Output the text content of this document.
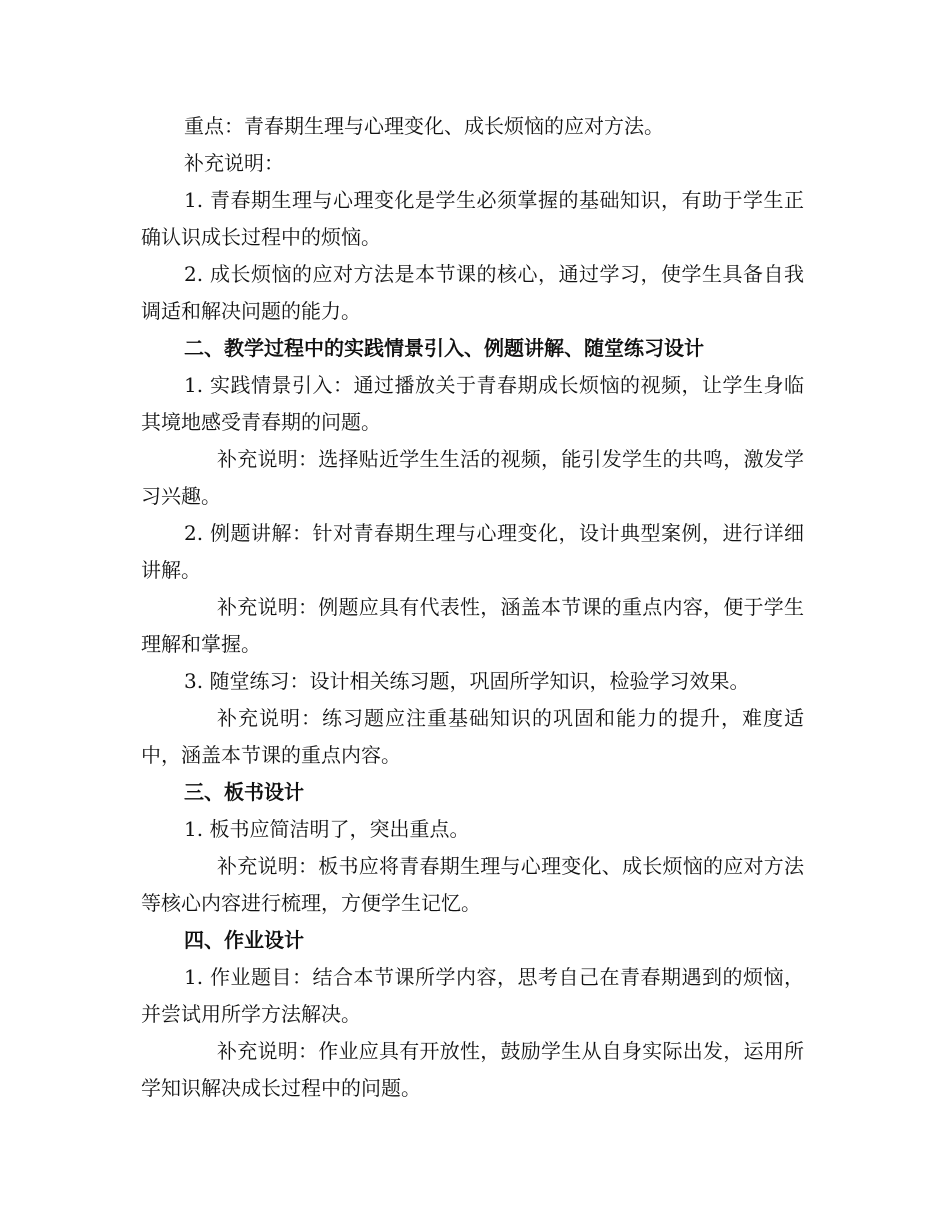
重点：青春期生理与心理变化、成长烦恼的应对方法。

补充说明：

1. 青春期生理与心理变化是学生必须掌握的基础知识，有助于学生正确认识成长过程中的烦恼。

2. 成长烦恼的应对方法是本节课的核心，通过学习，使学生具备自我调适和解决问题的能力。

二、教学过程中的实践情景引入、例题讲解、随堂练习设计

1. 实践情景引入：通过播放关于青春期成长烦恼的视频，让学生身临其境地感受青春期的问题。

补充说明：选择贴近学生生活的视频，能引发学生的共鸣，激发学习兴趣。

2. 例题讲解：针对青春期生理与心理变化，设计典型案例，进行详细讲解。

补充说明：例题应具有代表性，涵盖本节课的重点内容，便于学生理解和掌握。

3. 随堂练习：设计相关练习题，巩固所学知识，检验学习效果。

补充说明：练习题应注重基础知识的巩固和能力的提升，难度适中，涵盖本节课的重点内容。

三、板书设计

1. 板书应简洁明了，突出重点。

补充说明：板书应将青春期生理与心理变化、成长烦恼的应对方法等核心内容进行梳理，方便学生记忆。

四、作业设计

1. 作业题目：结合本节课所学内容，思考自己在青春期遇到的烦恼，并尝试用所学方法解决。

补充说明：作业应具有开放性，鼓励学生从自身实际出发，运用所学知识解决成长过程中的问题。
